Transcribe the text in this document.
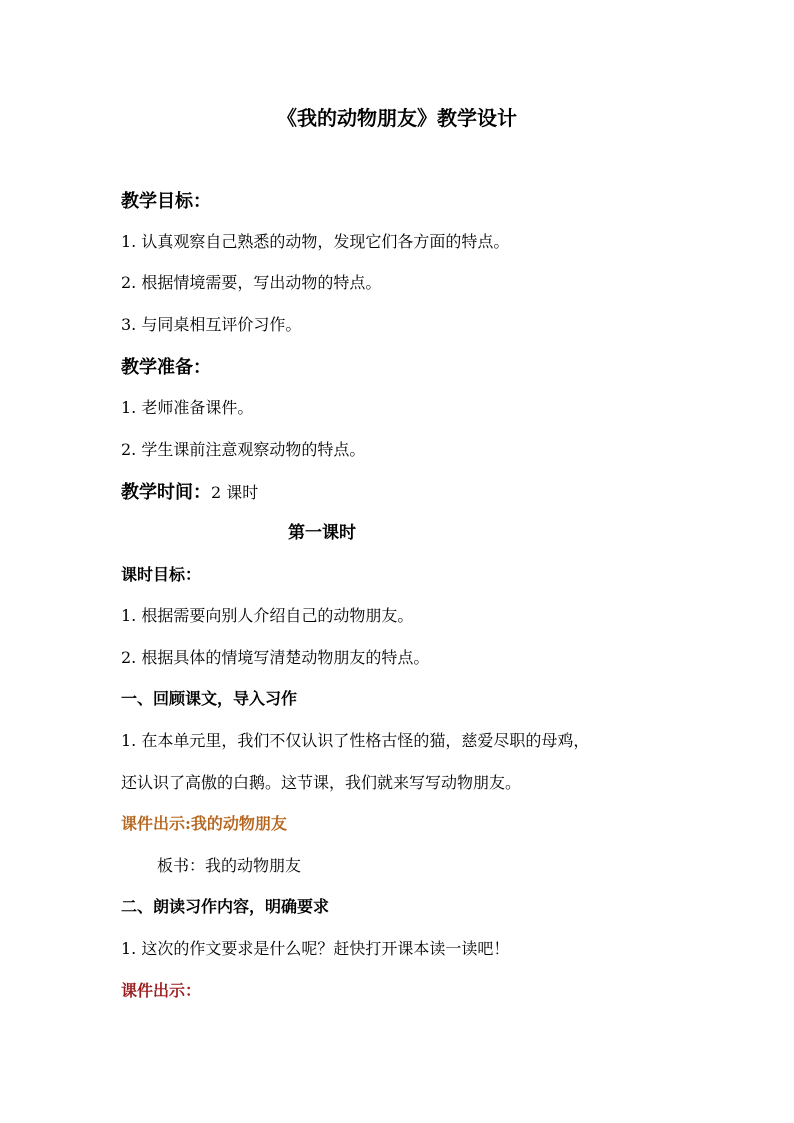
《我的动物朋友》教学设计
教学目标：
1. 认真观察自己熟悉的动物，发现它们各方面的特点。
2. 根据情境需要，写出动物的特点。
3. 与同桌相互评价习作。
教学准备：
1. 老师准备课件。
2. 学生课前注意观察动物的特点。
教学时间：2 课时
第一课时
课时目标：
1. 根据需要向别人介绍自己的动物朋友。
2. 根据具体的情境写清楚动物朋友的特点。
一、回顾课文，导入习作
1. 在本单元里，我们不仅认识了性格古怪的猫，慈爱尽职的母鸡，
还认识了高傲的白鹅。这节课，我们就来写写动物朋友。
课件出示:我的动物朋友
板书：我的动物朋友
二、朗读习作内容，明确要求
1. 这次的作文要求是什么呢？赶快打开课本读一读吧！
课件出示：
